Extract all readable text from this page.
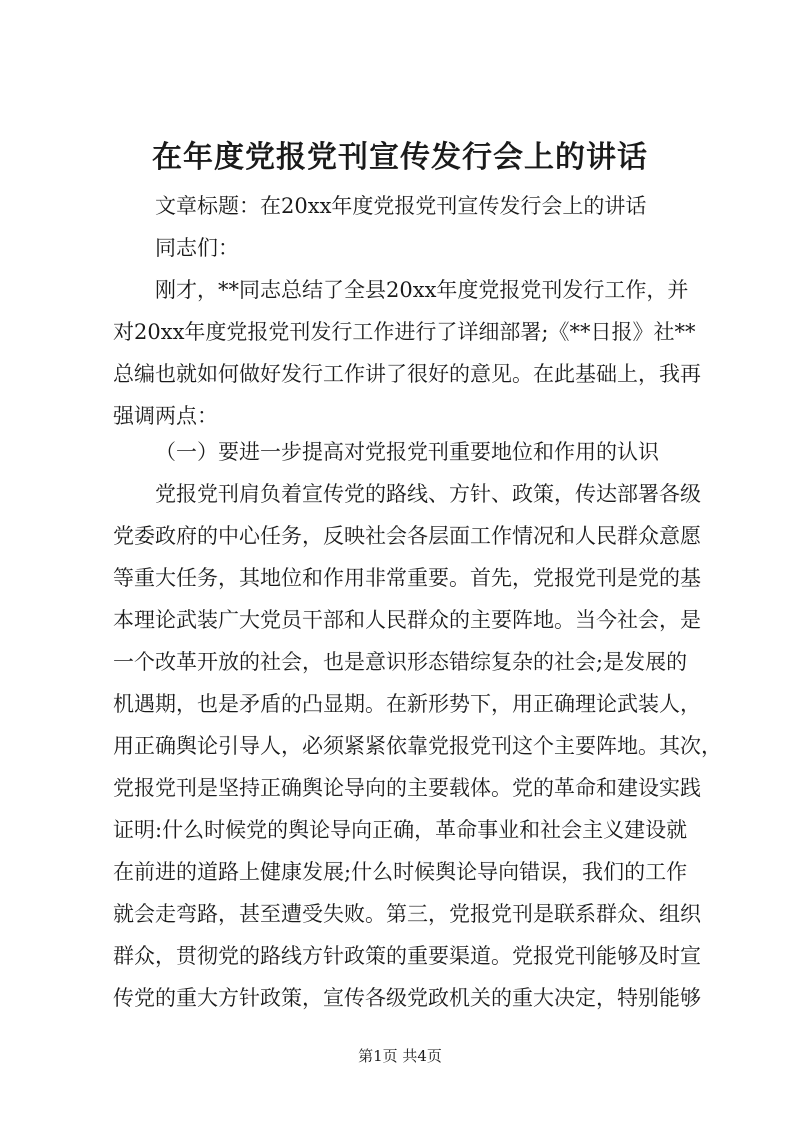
在年度党报党刊宣传发行会上的讲话
文章标题：在20xx年度党报党刊宣传发行会上的讲话
同志们：
刚才，**同志总结了全县20xx年度党报党刊发行工作，并
对20xx年度党报党刊发行工作进行了详细部署;《**日报》社**
总编也就如何做好发行工作讲了很好的意见。在此基础上，我再
强调两点：
（一）要进一步提高对党报党刊重要地位和作用的认识
党报党刊肩负着宣传党的路线、方针、政策，传达部署各级
党委政府的中心任务，反映社会各层面工作情况和人民群众意愿
等重大任务，其地位和作用非常重要。首先，党报党刊是党的基
本理论武装广大党员干部和人民群众的主要阵地。当今社会，是
一个改革开放的社会，也是意识形态错综复杂的社会;是发展的
机遇期，也是矛盾的凸显期。在新形势下，用正确理论武装人，
用正确舆论引导人，必须紧紧依靠党报党刊这个主要阵地。其次，
党报党刊是坚持正确舆论导向的主要载体。党的革命和建设实践
证明:什么时候党的舆论导向正确，革命事业和社会主义建设就
在前进的道路上健康发展;什么时候舆论导向错误，我们的工作
就会走弯路，甚至遭受失败。第三，党报党刊是联系群众、组织
群众，贯彻党的路线方针政策的重要渠道。党报党刊能够及时宣
传党的重大方针政策，宣传各级党政机关的重大决定，特别能够
第1页 共4页
